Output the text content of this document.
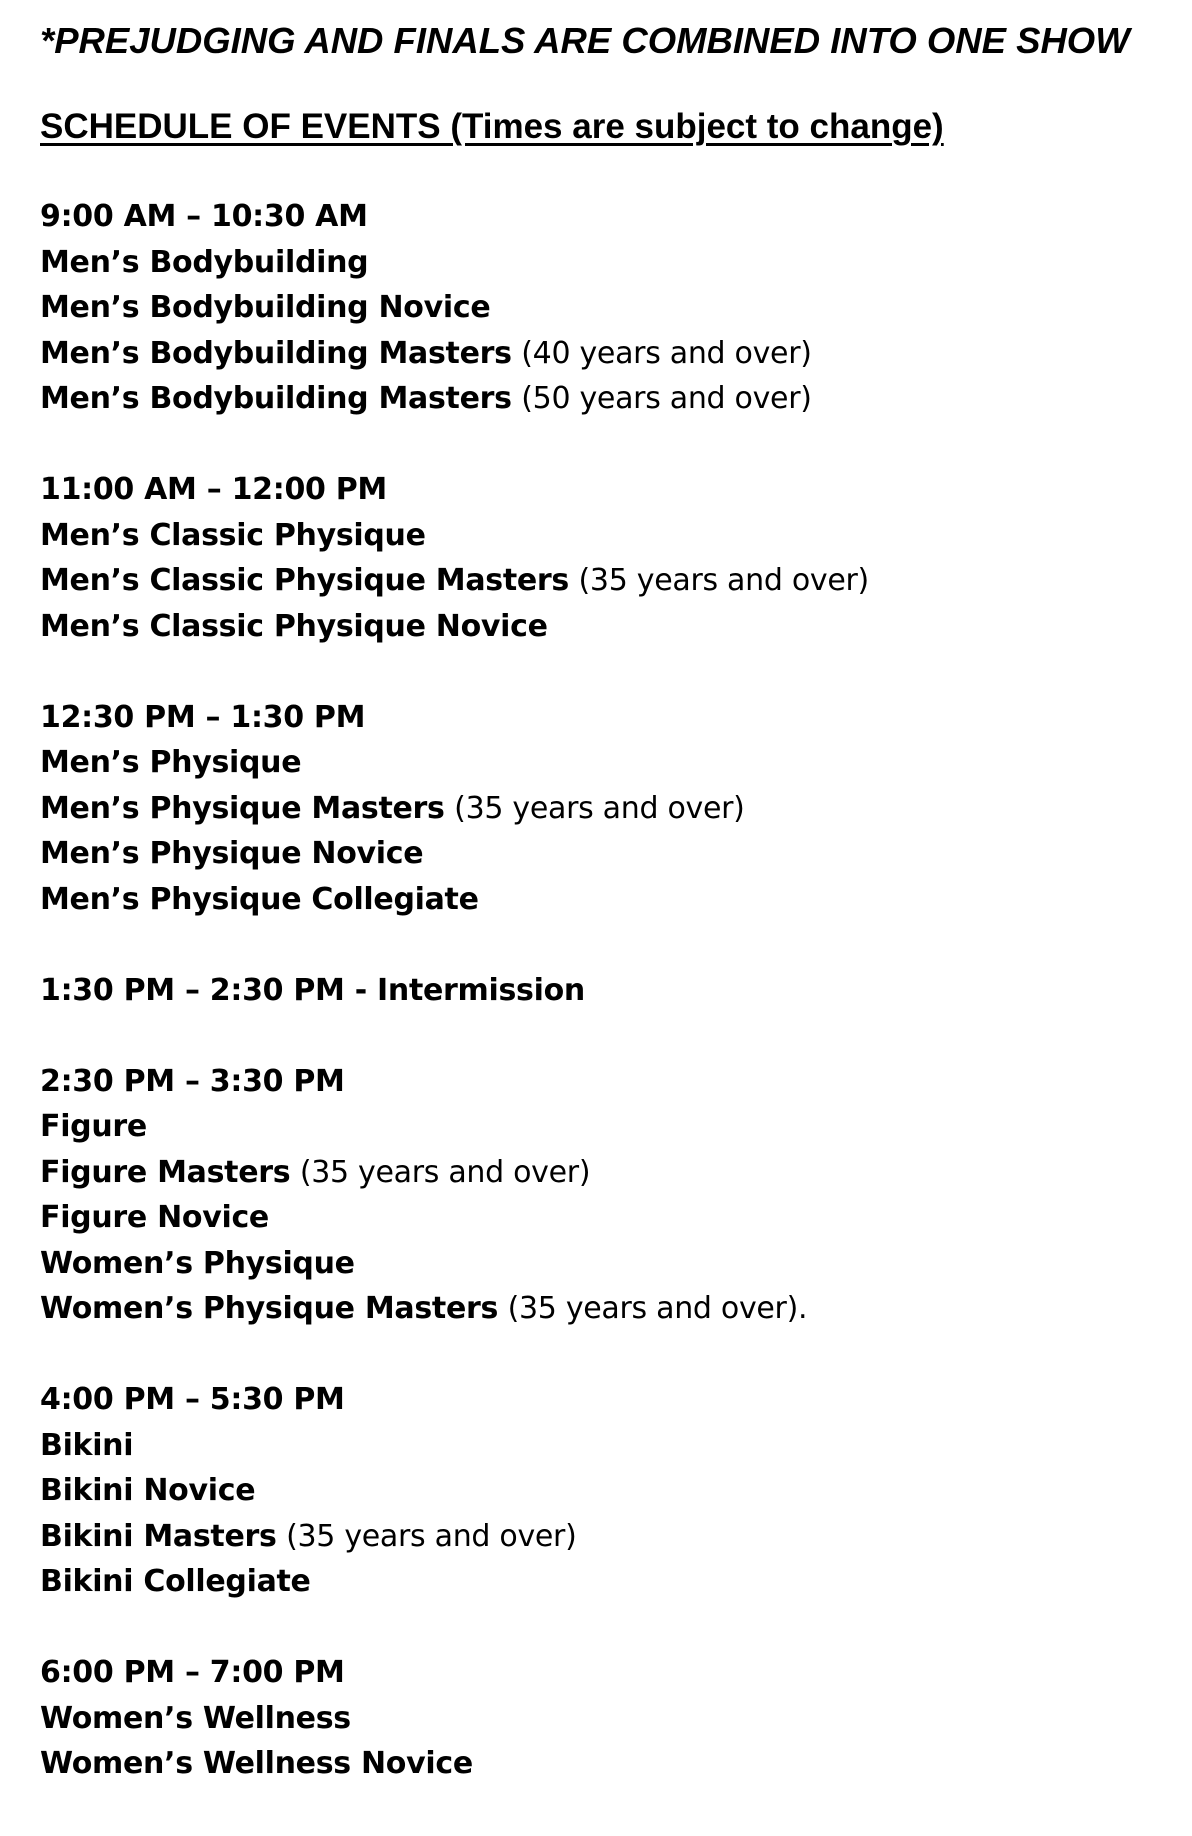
*PREJUDGING AND FINALS ARE COMBINED INTO ONE SHOW

SCHEDULE OF EVENTS (Times are subject to change)

9:00 AM – 10:30 AM
Men’s Bodybuilding
Men’s Bodybuilding Novice
Men’s Bodybuilding Masters (40 years and over)
Men’s Bodybuilding Masters (50 years and over)
11:00 AM – 12:00 PM
Men’s Classic Physique
Men’s Classic Physique Masters (35 years and over)
Men’s Classic Physique Novice
12:30 PM – 1:30 PM
Men’s Physique
Men’s Physique Masters (35 years and over)
Men’s Physique Novice
Men’s Physique Collegiate
1:30 PM – 2:30 PM - Intermission
2:30 PM – 3:30 PM
Figure
Figure Masters (35 years and over)
Figure Novice
Women’s Physique
Women’s Physique Masters (35 years and over).
4:00 PM – 5:30 PM
Bikini
Bikini Novice
Bikini Masters (35 years and over)
Bikini Collegiate
6:00 PM – 7:00 PM
Women’s Wellness
Women’s Wellness Novice
